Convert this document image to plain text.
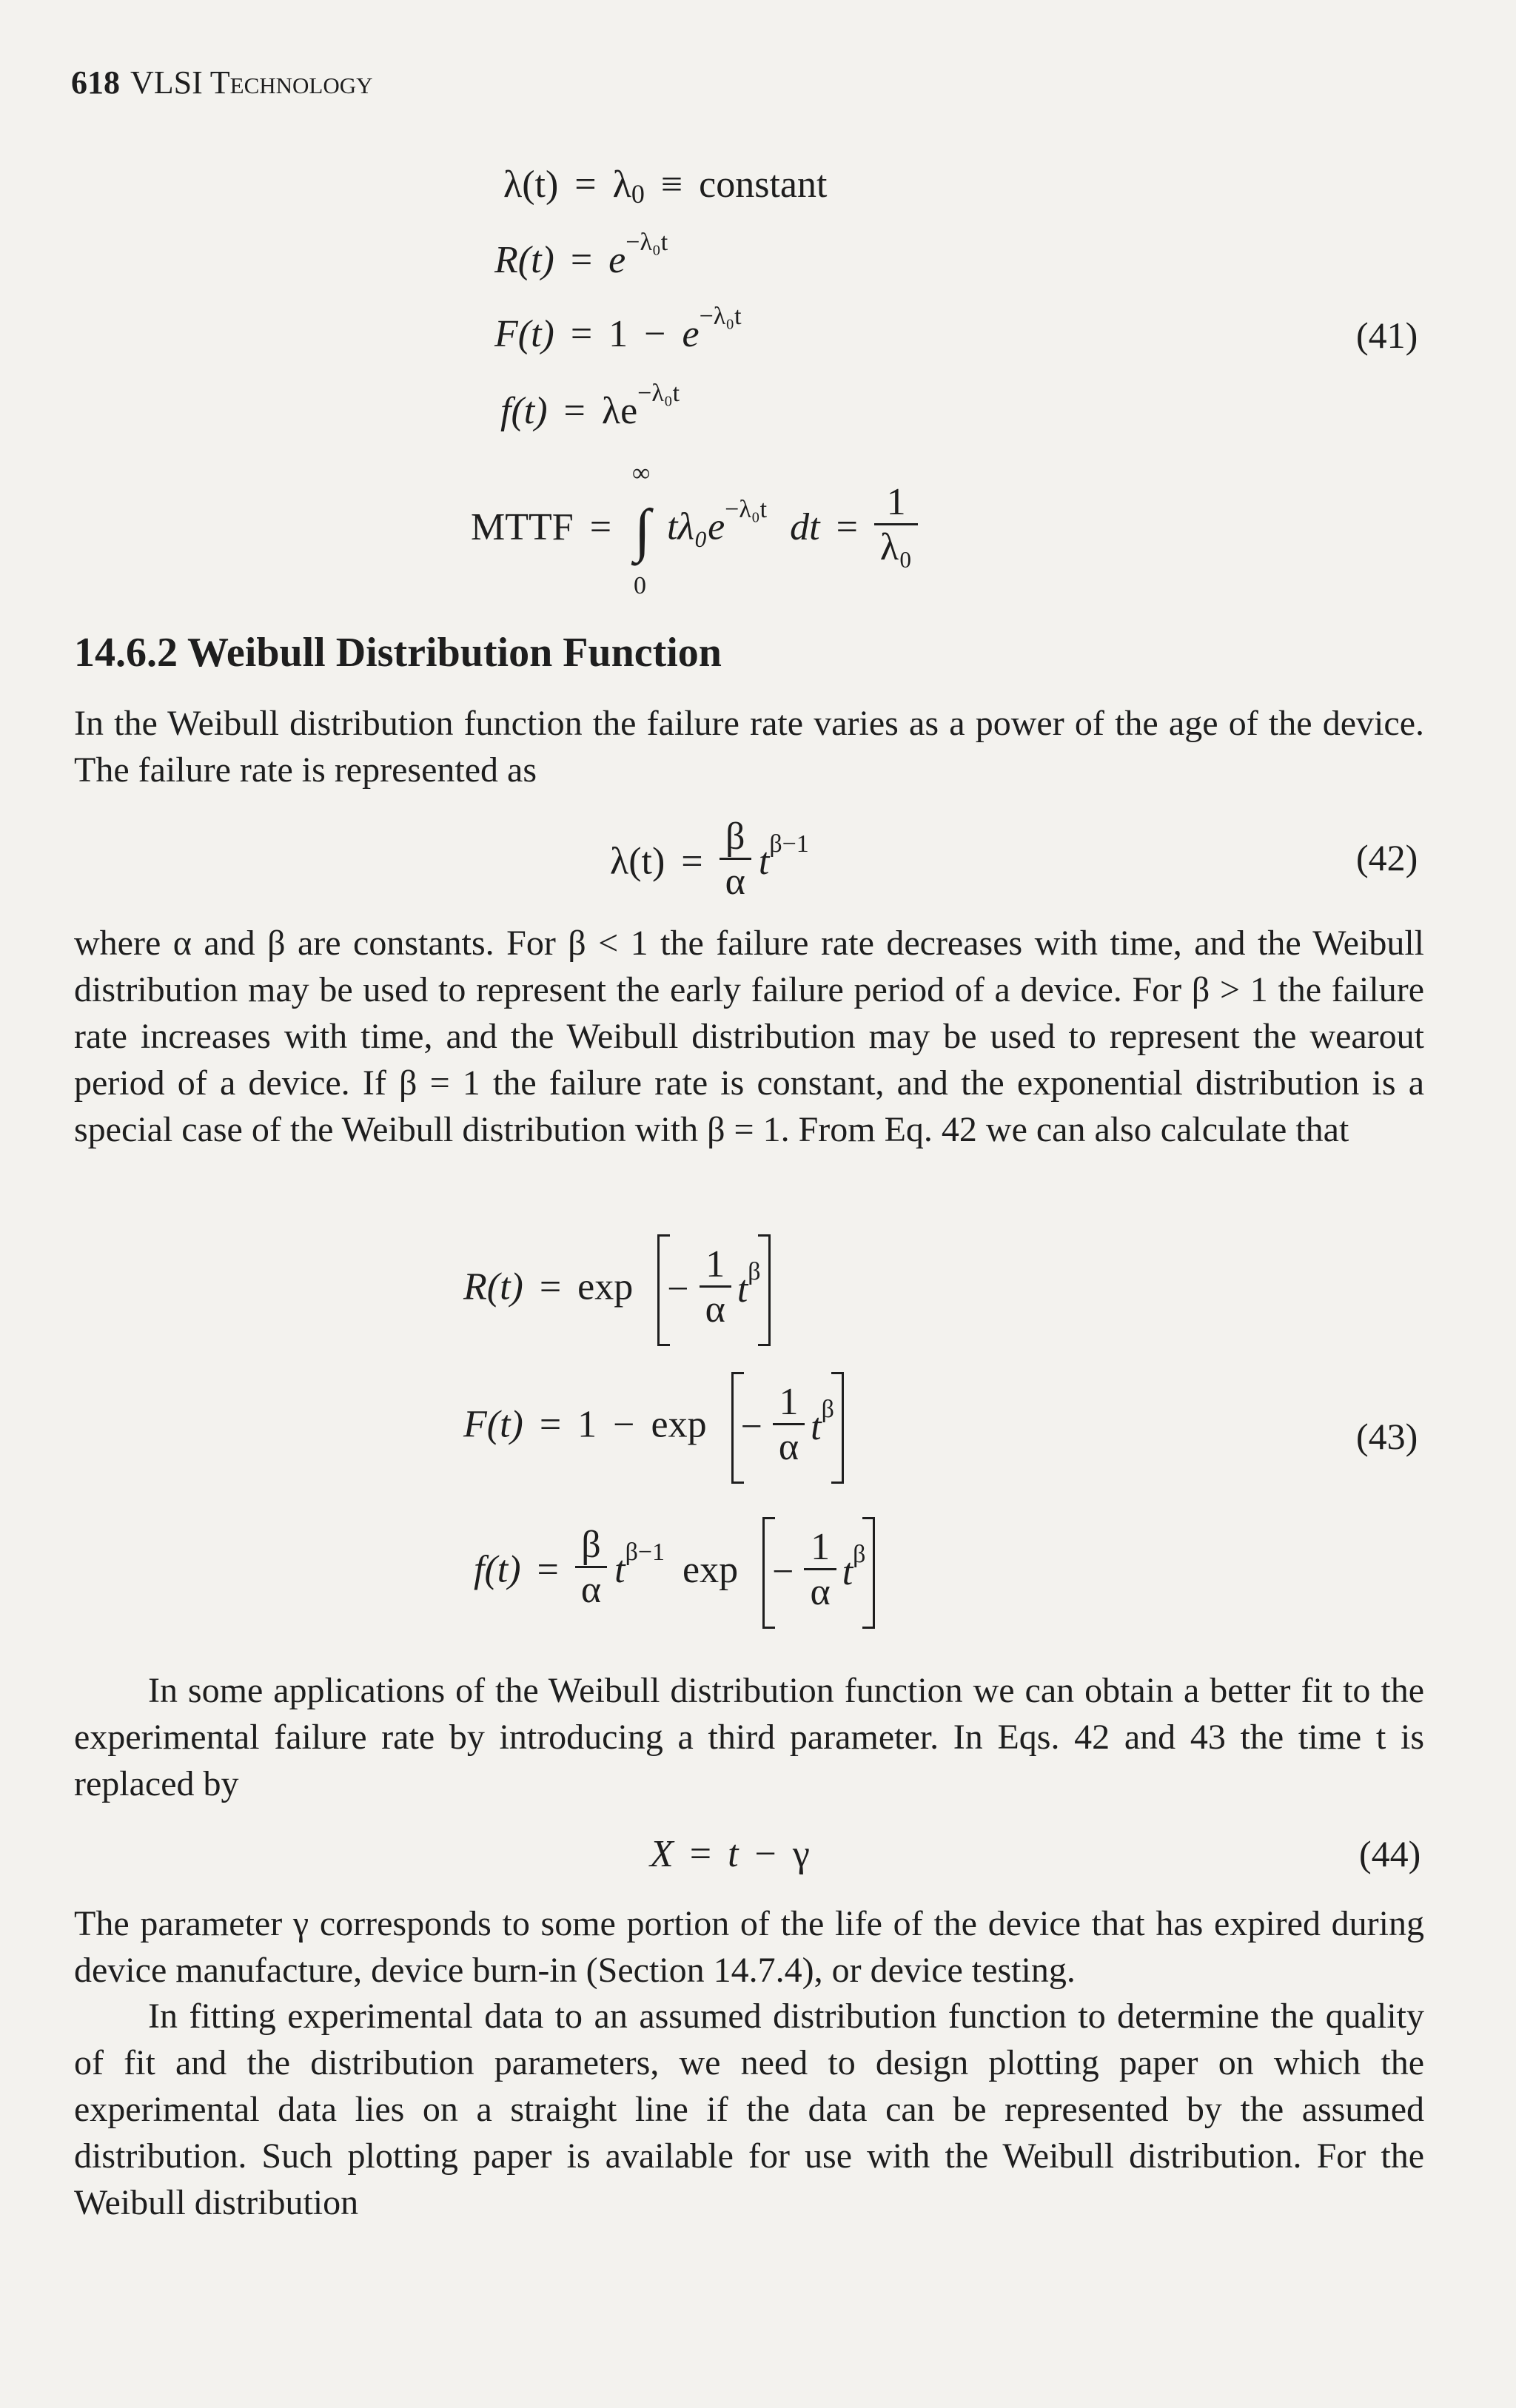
618 VLSI Technology
$\lambda(t) = \lambda_0$ ≡ constant
$R(t) = e^{-\lambda_0t}$
$F(t) = 1 - e^{-\lambda_0t}$	(41)
$f(t) = \lambda e^{-\lambda_0t}$
MTTF =
∞
∫
0
$t\lambda_0e^{-\lambda_0t}$ dt = $\frac{1}{\text{λ₀}}$
14.6.2 Weibull Distribution Function
In the Weibull distribution function the failure rate varies as a power of the age of the device. The failure rate is represented as
$\lambda(t) = \frac{\beta}{\alpha} t^{\beta-1}$	(42)
where α and β are constants. For β < 1 the failure rate decreases with time, and the Weibull distribution may be used to represent the early failure period of a device. For β > 1 the failure rate increases with time, and the Weibull distribution may be used to represent the wearout period of a device. If β = 1 the failure rate is constant, and the exponential distribution is a special case of the Weibull distribution with β = 1. From Eq. 42 we can also calculate that
$R(t) = \exp - \frac{1}{\alpha} t^\beta$
$F(t) = 1 - \exp - \frac{1}{\alpha} t^\beta$
(43)
$f(t) = \frac{\beta}{\alpha} t^{\beta-1}$ $\exp - \frac{1}{\alpha} t^\beta$
In some applications of the Weibull distribution function we can obtain a better fit to the experimental failure rate by introducing a third parameter. In Eqs. 42 and 43 the time t is replaced by
X = t − γ	(44)
The parameter γ corresponds to some portion of the life of the device that has expired during device manufacture, device burn-in (Section 14.7.4), or device testing.
In fitting experimental data to an assumed distribution function to determine the quality of fit and the distribution parameters, we need to design plotting paper on which the experimental data lies on a straight line if the data can be represented by the assumed distribution. Such plotting paper is available for use with the Weibull distribution. For the Weibull distribution
